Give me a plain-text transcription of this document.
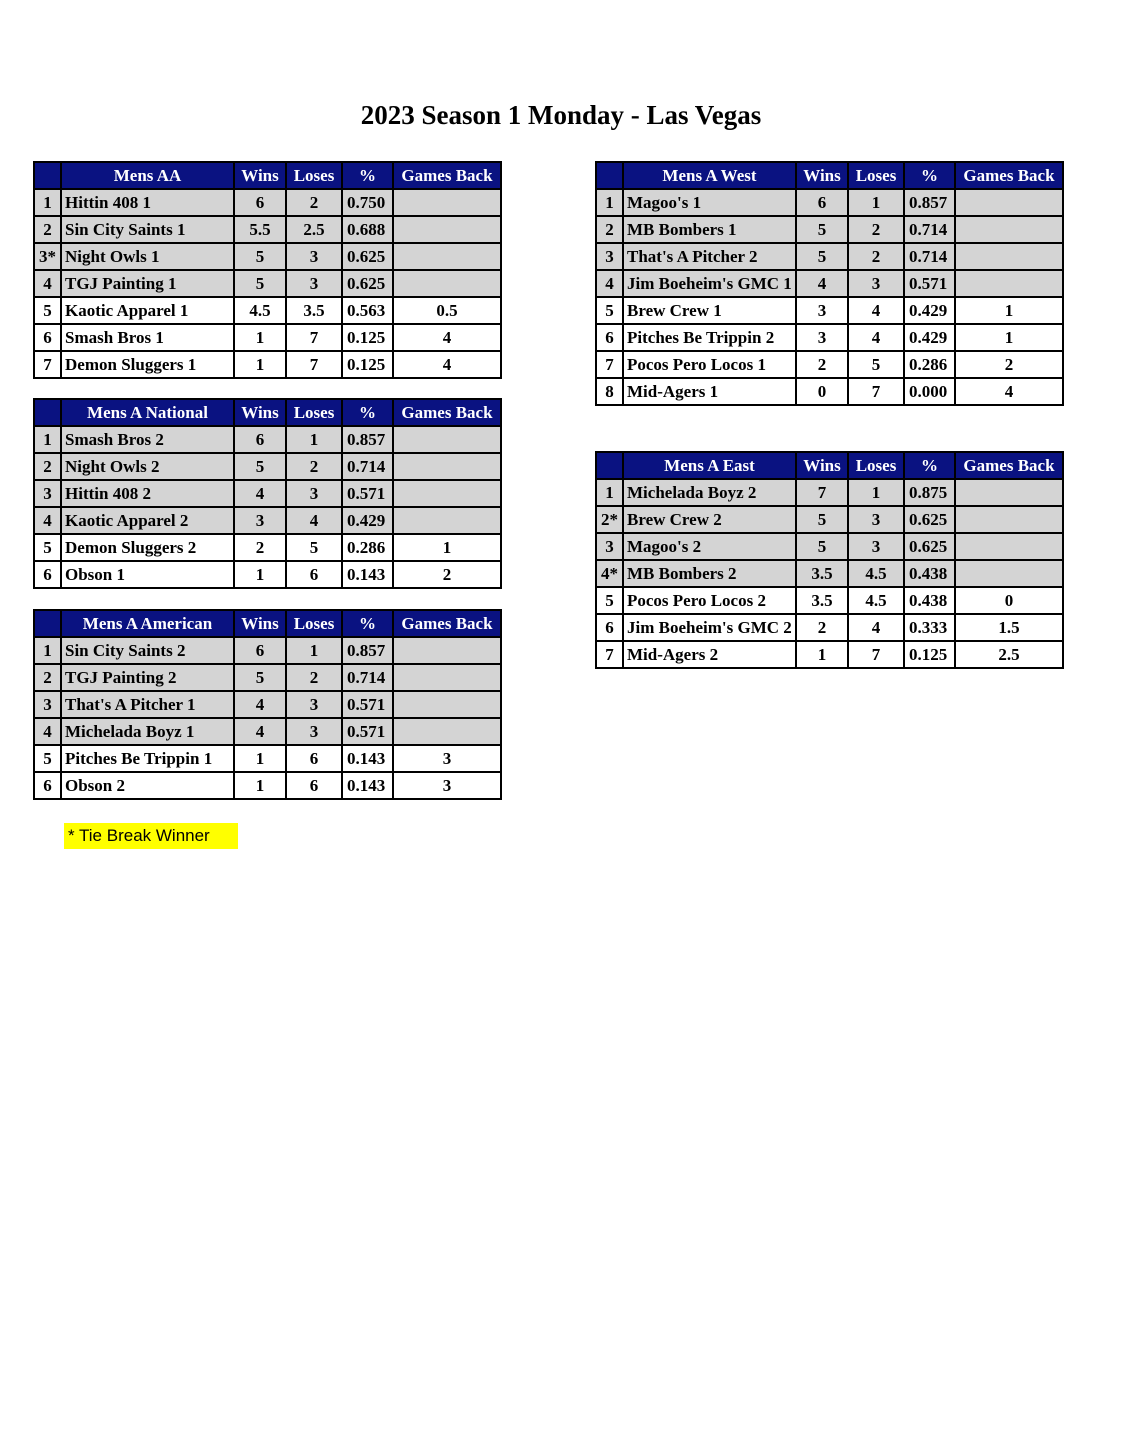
2023 Season 1 Monday - Las Vegas
	Mens AA	Wins	Loses	%	Games Back
1	Hittin 408 1	6	2	0.750	
2	Sin City Saints 1	5.5	2.5	0.688	
3*	Night Owls 1	5	3	0.625	
4	TGJ Painting 1	5	3	0.625	
5	Kaotic Apparel 1	4.5	3.5	0.563	0.5
6	Smash Bros 1	1	7	0.125	4
7	Demon Sluggers 1	1	7	0.125	4
	Mens A National	Wins	Loses	%	Games Back
1	Smash Bros 2	6	1	0.857	
2	Night Owls 2	5	2	0.714	
3	Hittin 408 2	4	3	0.571	
4	Kaotic Apparel 2	3	4	0.429	
5	Demon Sluggers 2	2	5	0.286	1
6	Obson 1	1	6	0.143	2
	Mens A American	Wins	Loses	%	Games Back
1	Sin City Saints 2	6	1	0.857	
2	TGJ Painting 2	5	2	0.714	
3	That's A Pitcher 1	4	3	0.571	
4	Michelada Boyz 1	4	3	0.571	
5	Pitches Be Trippin 1	1	6	0.143	3
6	Obson 2	1	6	0.143	3
	Mens A West	Wins	Loses	%	Games Back
1	Magoo's 1	6	1	0.857	
2	MB Bombers 1	5	2	0.714	
3	That's A Pitcher 2	5	2	0.714	
4	Jim Boeheim's GMC 1	4	3	0.571	
5	Brew Crew 1	3	4	0.429	1
6	Pitches Be Trippin 2	3	4	0.429	1
7	Pocos Pero Locos 1	2	5	0.286	2
8	Mid-Agers 1	0	7	0.000	4
	Mens A East	Wins	Loses	%	Games Back
1	Michelada Boyz 2	7	1	0.875	
2*	Brew Crew 2	5	3	0.625	
3	Magoo's 2	5	3	0.625	
4*	MB Bombers 2	3.5	4.5	0.438	
5	Pocos Pero Locos 2	3.5	4.5	0.438	0
6	Jim Boeheim's GMC 2	2	4	0.333	1.5
7	Mid-Agers 2	1	7	0.125	2.5
* Tie Break Winner
